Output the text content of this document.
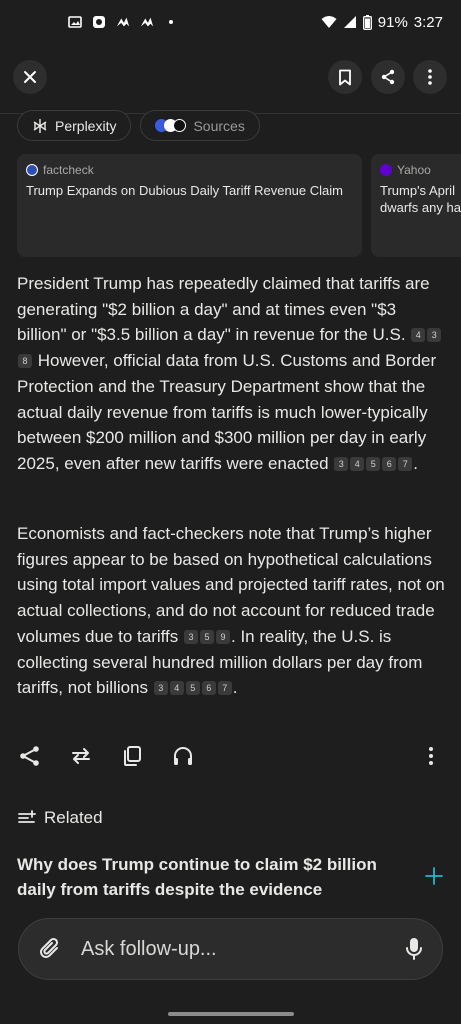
91% 3:27
Perplexity	Sources
factcheck
Trump Expands on Dubious Daily Tariff Revenue Claim
Yahoo
Trump's April
dwarfs any ha
President Trump has repeatedly claimed that tariffs are generating "$2 billion a day" and at times even "$3 billion" or "$3.5 billion a day" in revenue for the U.S. 4 38 However, official data from U.S. Customs and Border Protection and the Treasury Department show that the actual daily revenue from tariffs is much lower-typically between $200 million and $300 million per day in early 2025, even after new tariffs were enacted 3 4 5 6 7 .
Economists and fact-checkers note that Trump’s higher figures appear to be based on hypothetical calculations using total import values and projected tariff rates, not on actual collections, and do not account for reduced trade volumes due to tariffs 3 5 9 . In reality, the U.S. is collecting several hundred million dollars per day from tariffs, not billions 3 4 5 6 7 .
Related
Why does Trump continue to claim $2 billion daily from tariffs despite the evidence
Ask follow-up...
